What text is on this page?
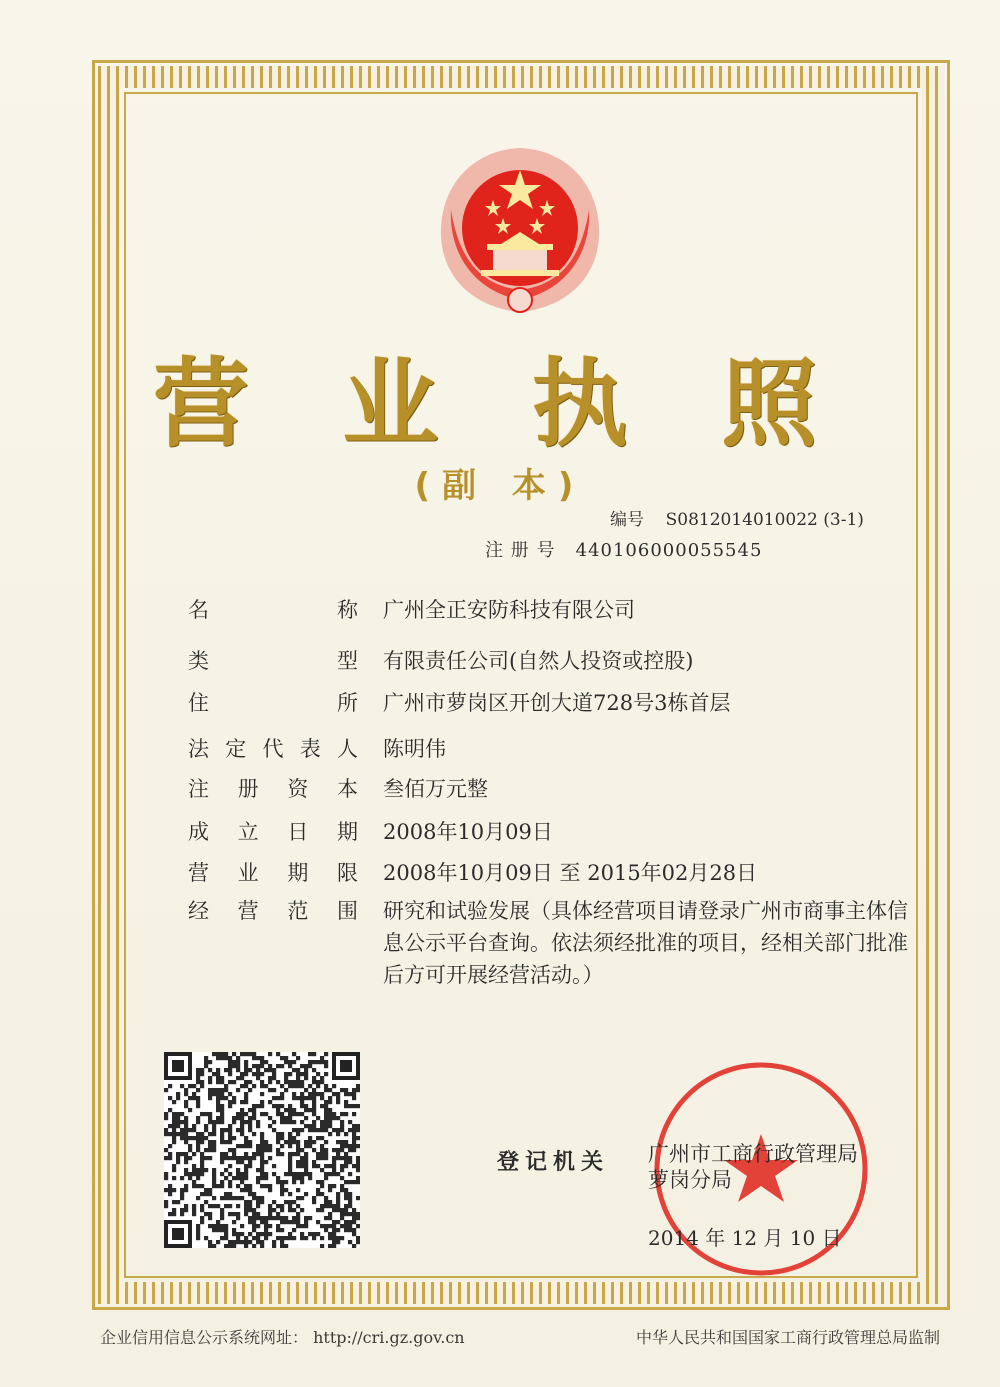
营 业 执 照
(副 本)
编号 S0812014010022 (3-1)
注 册 号 440106000055545
名	称 广州全正安防科技有限公司
类	型 有限责任公司(自然人投资或控股)
住	所 广州市萝岗区开创大道728号3栋首层
法 定 代 表 人 陈明伟
注 册 资 本 叁佰万元整
成 立 日 期 2008年10月09日
营 业 期 限 2008年10月09日 至 2015年02月28日
经 营 范 围 研究和试验发展（具体经营项目请登录广州市商事主体信息公示平台查询。依法须经批准的项目，经相关部门批准后方可开展经营活动。）
登记机关 广州市工商行政管理局
萝岗分局
2014 年 12 月 10 日
企业信用信息公示系统网址： http://cri.gz.gov.cn	中华人民共和国国家工商行政管理总局监制
